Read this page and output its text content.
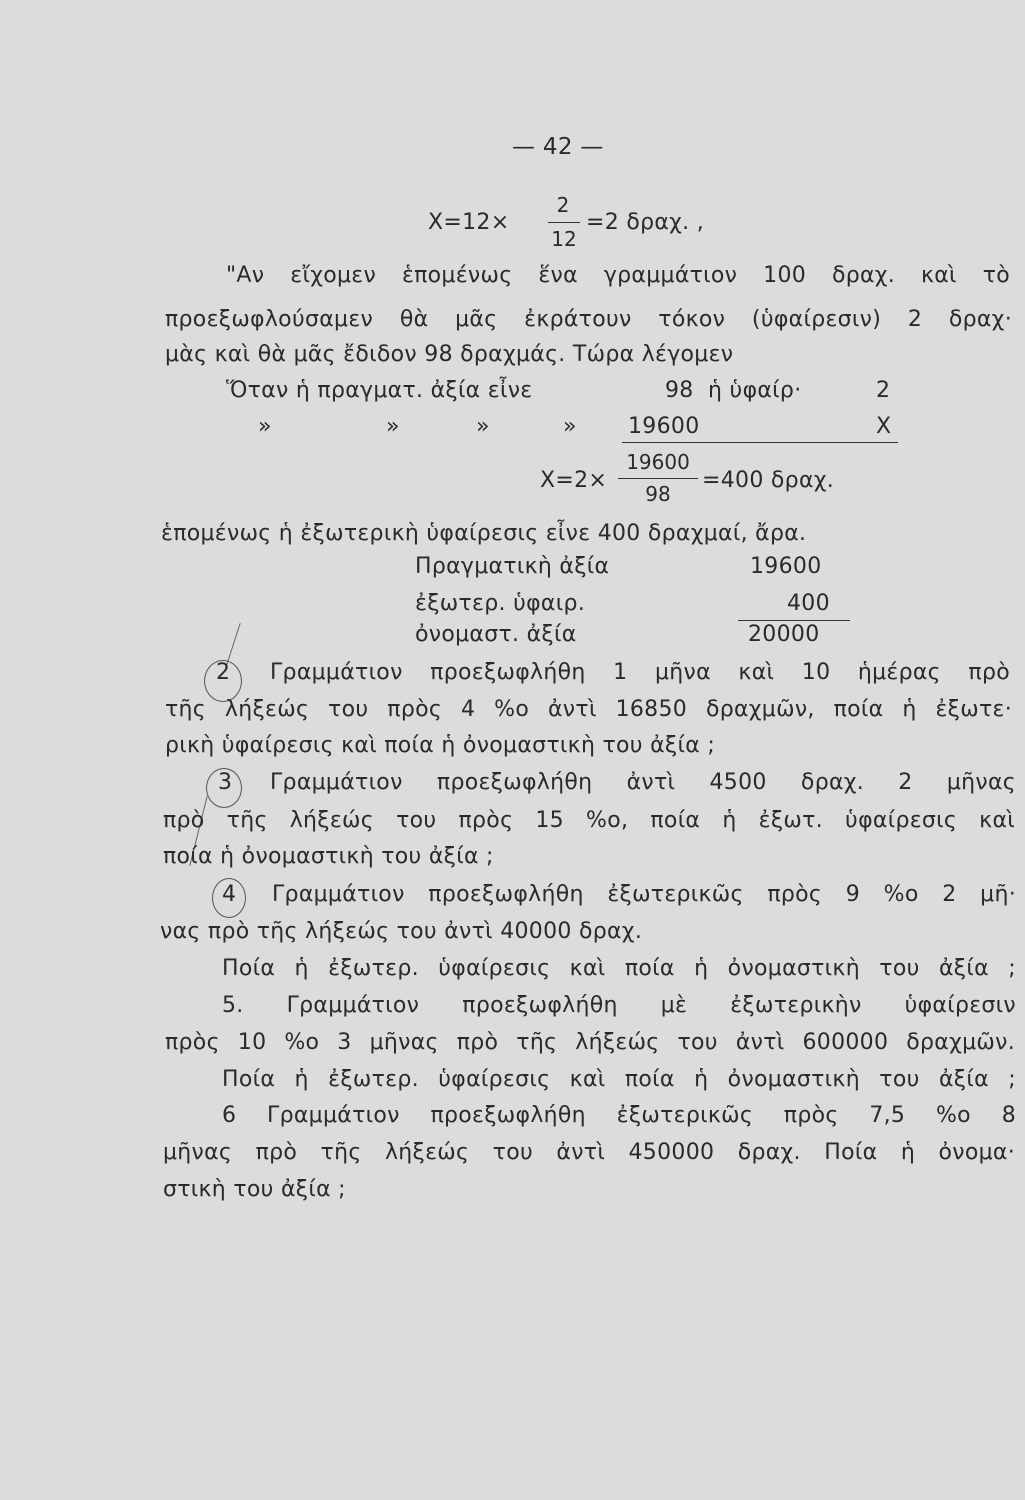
— 42 —
X=12×
2
12
=2 δραχ. ,
"Αν εἴχομεν ἑπομένως ἕνα γραμμάτιον 100 δραχ. καὶ τὸ
προεξωφλούσαμεν θὰ μᾶς ἐκράτουν τόκον (ὑφαίρεσιν) 2 δραχ·
μὰς καὶ θὰ μᾶς ἔδιδον 98 δραχμάς. Τώρα λέγομεν
Ὅταν ἡ πραγματ. ἀξία εἶνε	98 ἡ ὑφαίρ·	2
»	»	»	» 19600	X
X=2×
19600
98
=400 δραχ.
ἑπομένως ἡ ἐξωτερικὴ ὑφαίρεσις εἶνε 400 δραχμαί, ἄρα.
Πραγματικὴ ἀξία	19600
ἐξωτερ. ὑφαιρ.	400
ὀνομαστ. ἀξία	20000
2 Γραμμάτιον προεξωφλήθη 1 μῆνα καὶ 10 ἡμέρας πρὸ
τῆς λήξεώς του πρὸς 4 %o ἀντὶ 16850 δραχμῶν, ποία ἡ ἐξωτε·
ρικὴ ὑφαίρεσις καὶ ποία ἡ ὀνομαστικὴ του ἀξία ;
3 Γραμμάτιον προεξωφλήθη ἀντὶ 4500 δραχ. 2 μῆνας
πρὸ τῆς λήξεώς του πρὸς 15 %o, ποία ἡ ἐξωτ. ὑφαίρεσις καὶ
ποία ἡ ὀνομαστικὴ του ἀξία ;
4 Γραμμάτιον προεξωφλήθη ἐξωτερικῶς πρὸς 9 %o 2 μῆ·
νας πρὸ τῆς λήξεώς του ἀντὶ 40000 δραχ.
Ποία ἡ ἐξωτερ. ὑφαίρεσις καὶ ποία ἡ ὀνομαστικὴ του ἀξία ;
5. Γραμμάτιον προεξωφλήθη μὲ ἐξωτερικὴν ὑφαίρεσιν
πρὸς 10 %o 3 μῆνας πρὸ τῆς λήξεώς του ἀντὶ 600000 δραχμῶν.
Ποία ἡ ἐξωτερ. ὑφαίρεσις καὶ ποία ἡ ὀνομαστικὴ του ἀξία ;
6 Γραμμάτιον προεξωφλήθη ἐξωτερικῶς πρὸς 7,5 %o 8
μῆνας πρὸ τῆς λήξεώς του ἀντὶ 450000 δραχ. Ποία ἡ ὀνομα·
στικὴ του ἀξία ;
